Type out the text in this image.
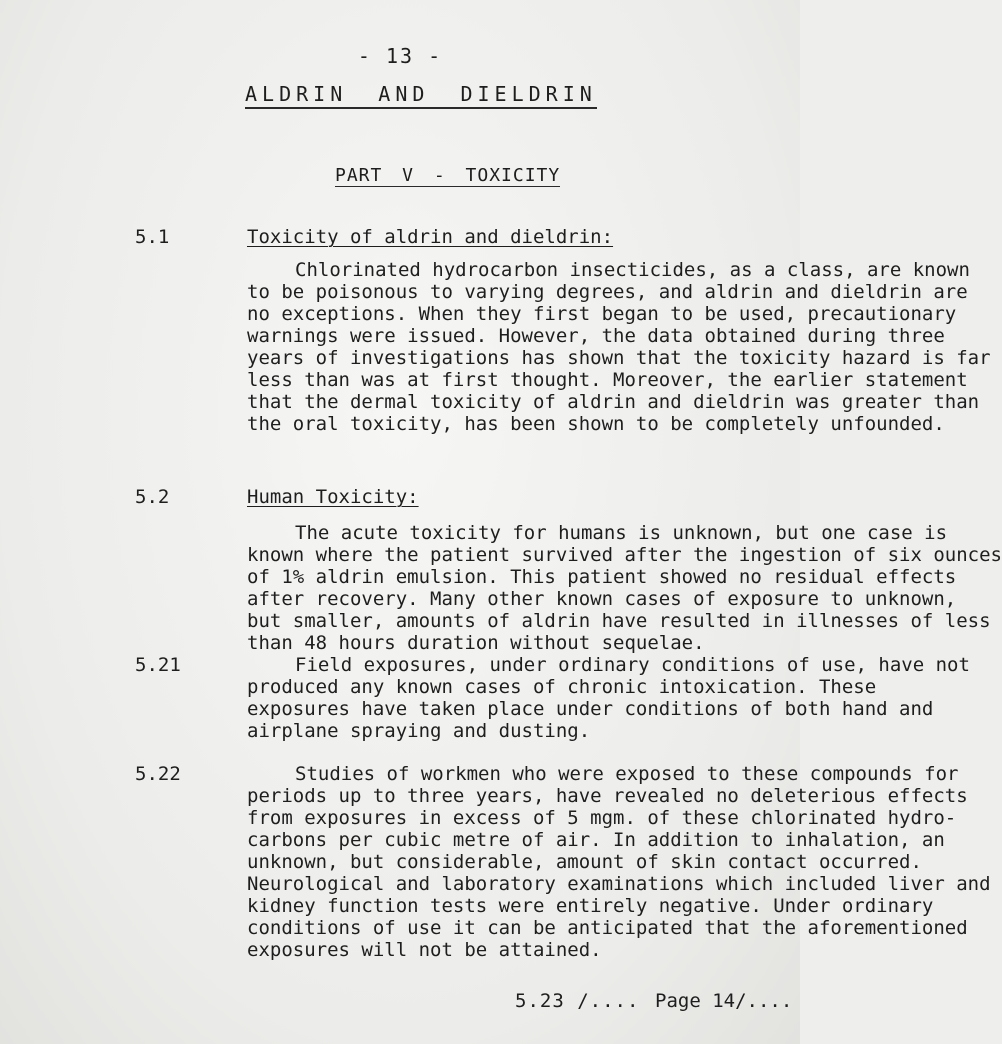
- 13 -
ALDRIN AND DIELDRIN
PART V - TOXICITY
5.1	Toxicity of aldrin and dieldrin:
Chlorinated hydrocarbon insecticides, as a class, are known
to be poisonous to varying degrees, and aldrin and dieldrin are
no exceptions. When they first began to be used, precautionary
warnings were issued. However, the data obtained during three
years of investigations has shown that the toxicity hazard is far
less than was at first thought. Moreover, the earlier statement
that the dermal toxicity of aldrin and dieldrin was greater than
the oral toxicity, has been shown to be completely unfounded.
5.2	Human Toxicity:
The acute toxicity for humans is unknown, but one case is
known where the patient survived after the ingestion of six ounces
of 1% aldrin emulsion. This patient showed no residual effects
after recovery. Many other known cases of exposure to unknown,
but smaller, amounts of aldrin have resulted in illnesses of less
than 48 hours duration without sequelae.
5.21	Field exposures, under ordinary conditions of use, have not
produced any known cases of chronic intoxication. These
exposures have taken place under conditions of both hand and
airplane spraying and dusting.
5.22	Studies of workmen who were exposed to these compounds for
periods up to three years, have revealed no deleterious effects
from exposures in excess of 5 mgm. of these chlorinated hydro-
carbons per cubic metre of air. In addition to inhalation, an
unknown, but considerable, amount of skin contact occurred.
Neurological and laboratory examinations which included liver and
kidney function tests were entirely negative. Under ordinary
conditions of use it can be anticipated that the aforementioned
exposures will not be attained.
5.23 /.... Page 14/....
